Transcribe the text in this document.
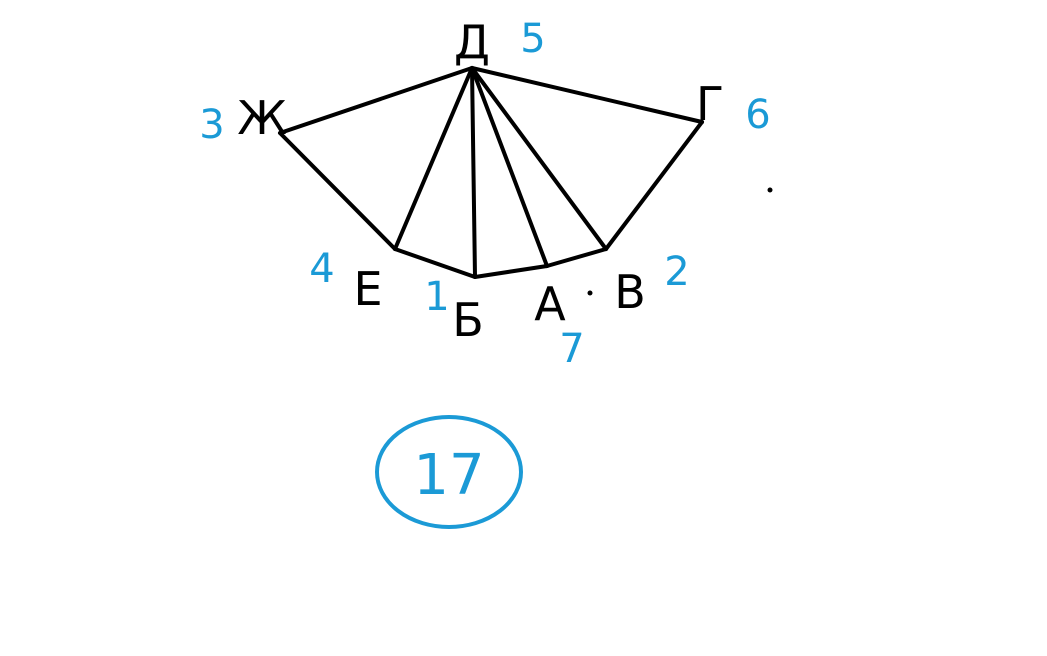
Д
Ж	Г
Е
Б А В
5
3	6
4
1
7
2
17
